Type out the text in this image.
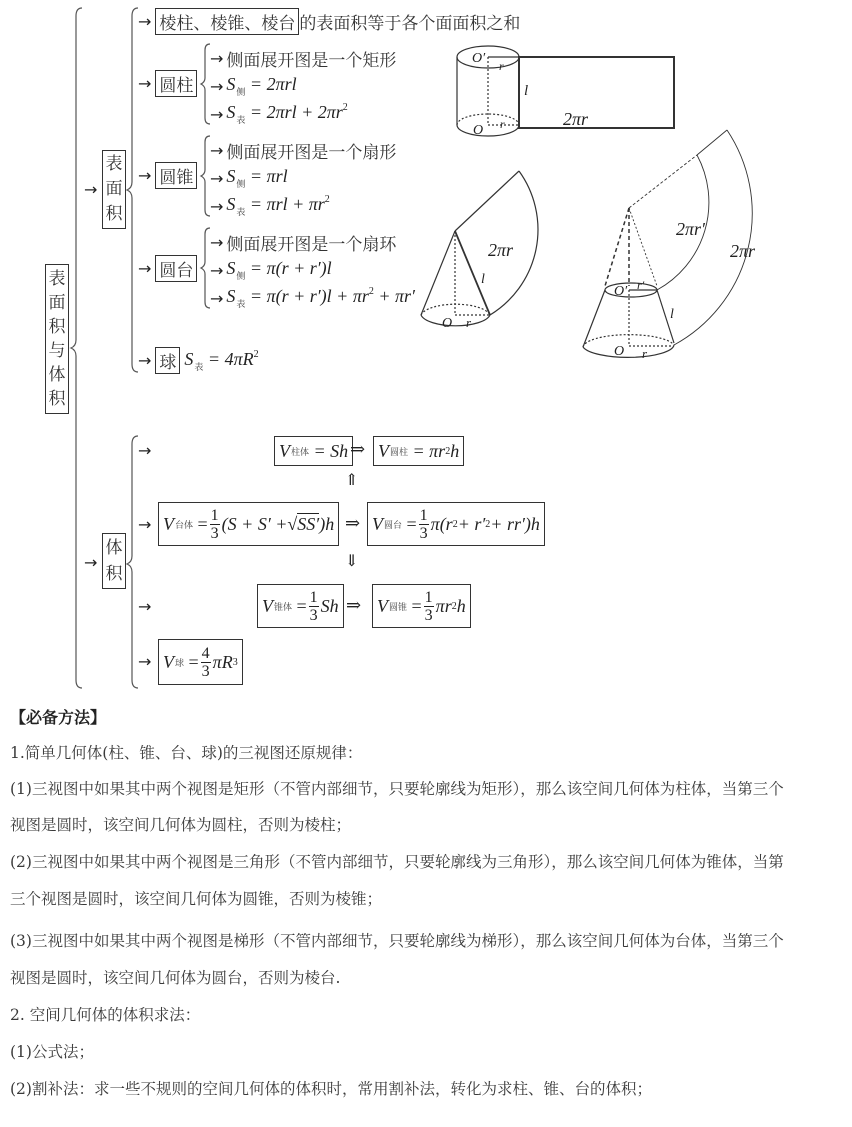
表
面
积
与
体
积
→
表
面
积
→ 棱柱、棱锥、棱台 的表面积等于各个面面积之和
→ 圆柱
→ 侧面展开图是一个矩形
→ $S_侧 = 2\pi rl$
→ $S_表 = 2\pi rl + 2\pi r^2$
→ 圆锥
→ 侧面展开图是一个扇形
→ $S_侧 = \pi rl$
→ $S_表 = \pi rl + \pi r^2$
→ 圆台
→ 侧面展开图是一个扇环
→ $S_侧 = \pi(r + r')l$
→ $S_表 = \pi(r + r')l + \pi r^2 + \pi r'$
→ 球 $S_表 = 4\pi R^2$
→
体
积
→
→
→
→
V 柱体
= Sh ⇒ V 圆柱
= πr 2 h
⇑
V 台体
= $\frac{1}{3} (S + S'$ + √ SS′ )h ⇒ V 圆台
= $\frac{1}{3} \pi(r$ 2 + r′ 2 + rr′)h
⇓
V 锥体
= $\frac{1}{3}$ Sh ⇒ V 圆锥
= $\frac{1}{3}$ πr 2 h
V 球
= $\frac{4}{3}$ πR 3
O′ r
O r
l
2πr
O r
l
2πr
O′ r′
O r
l
2πr′
2πr
【必备方法】
1.简单几何体(柱、锥、台、球)的三视图还原规律：
(1)三视图中如果其中两个视图是矩形（不管内部细节，只要轮廓线为矩形），那么该空间几何体为柱体，当第三个
视图是圆时，该空间几何体为圆柱，否则为棱柱；
(2)三视图中如果其中两个视图是三角形（不管内部细节，只要轮廓线为三角形），那么该空间几何体为锥体，当第
三个视图是圆时，该空间几何体为圆锥，否则为棱锥；
(3)三视图中如果其中两个视图是梯形（不管内部细节，只要轮廓线为梯形），那么该空间几何体为台体，当第三个
视图是圆时，该空间几何体为圆台，否则为棱台.
2. 空间几何体的体积求法：
(1)公式法；
(2)割补法：求一些不规则的空间几何体的体积时，常用割补法，转化为求柱、锥、台的体积；
